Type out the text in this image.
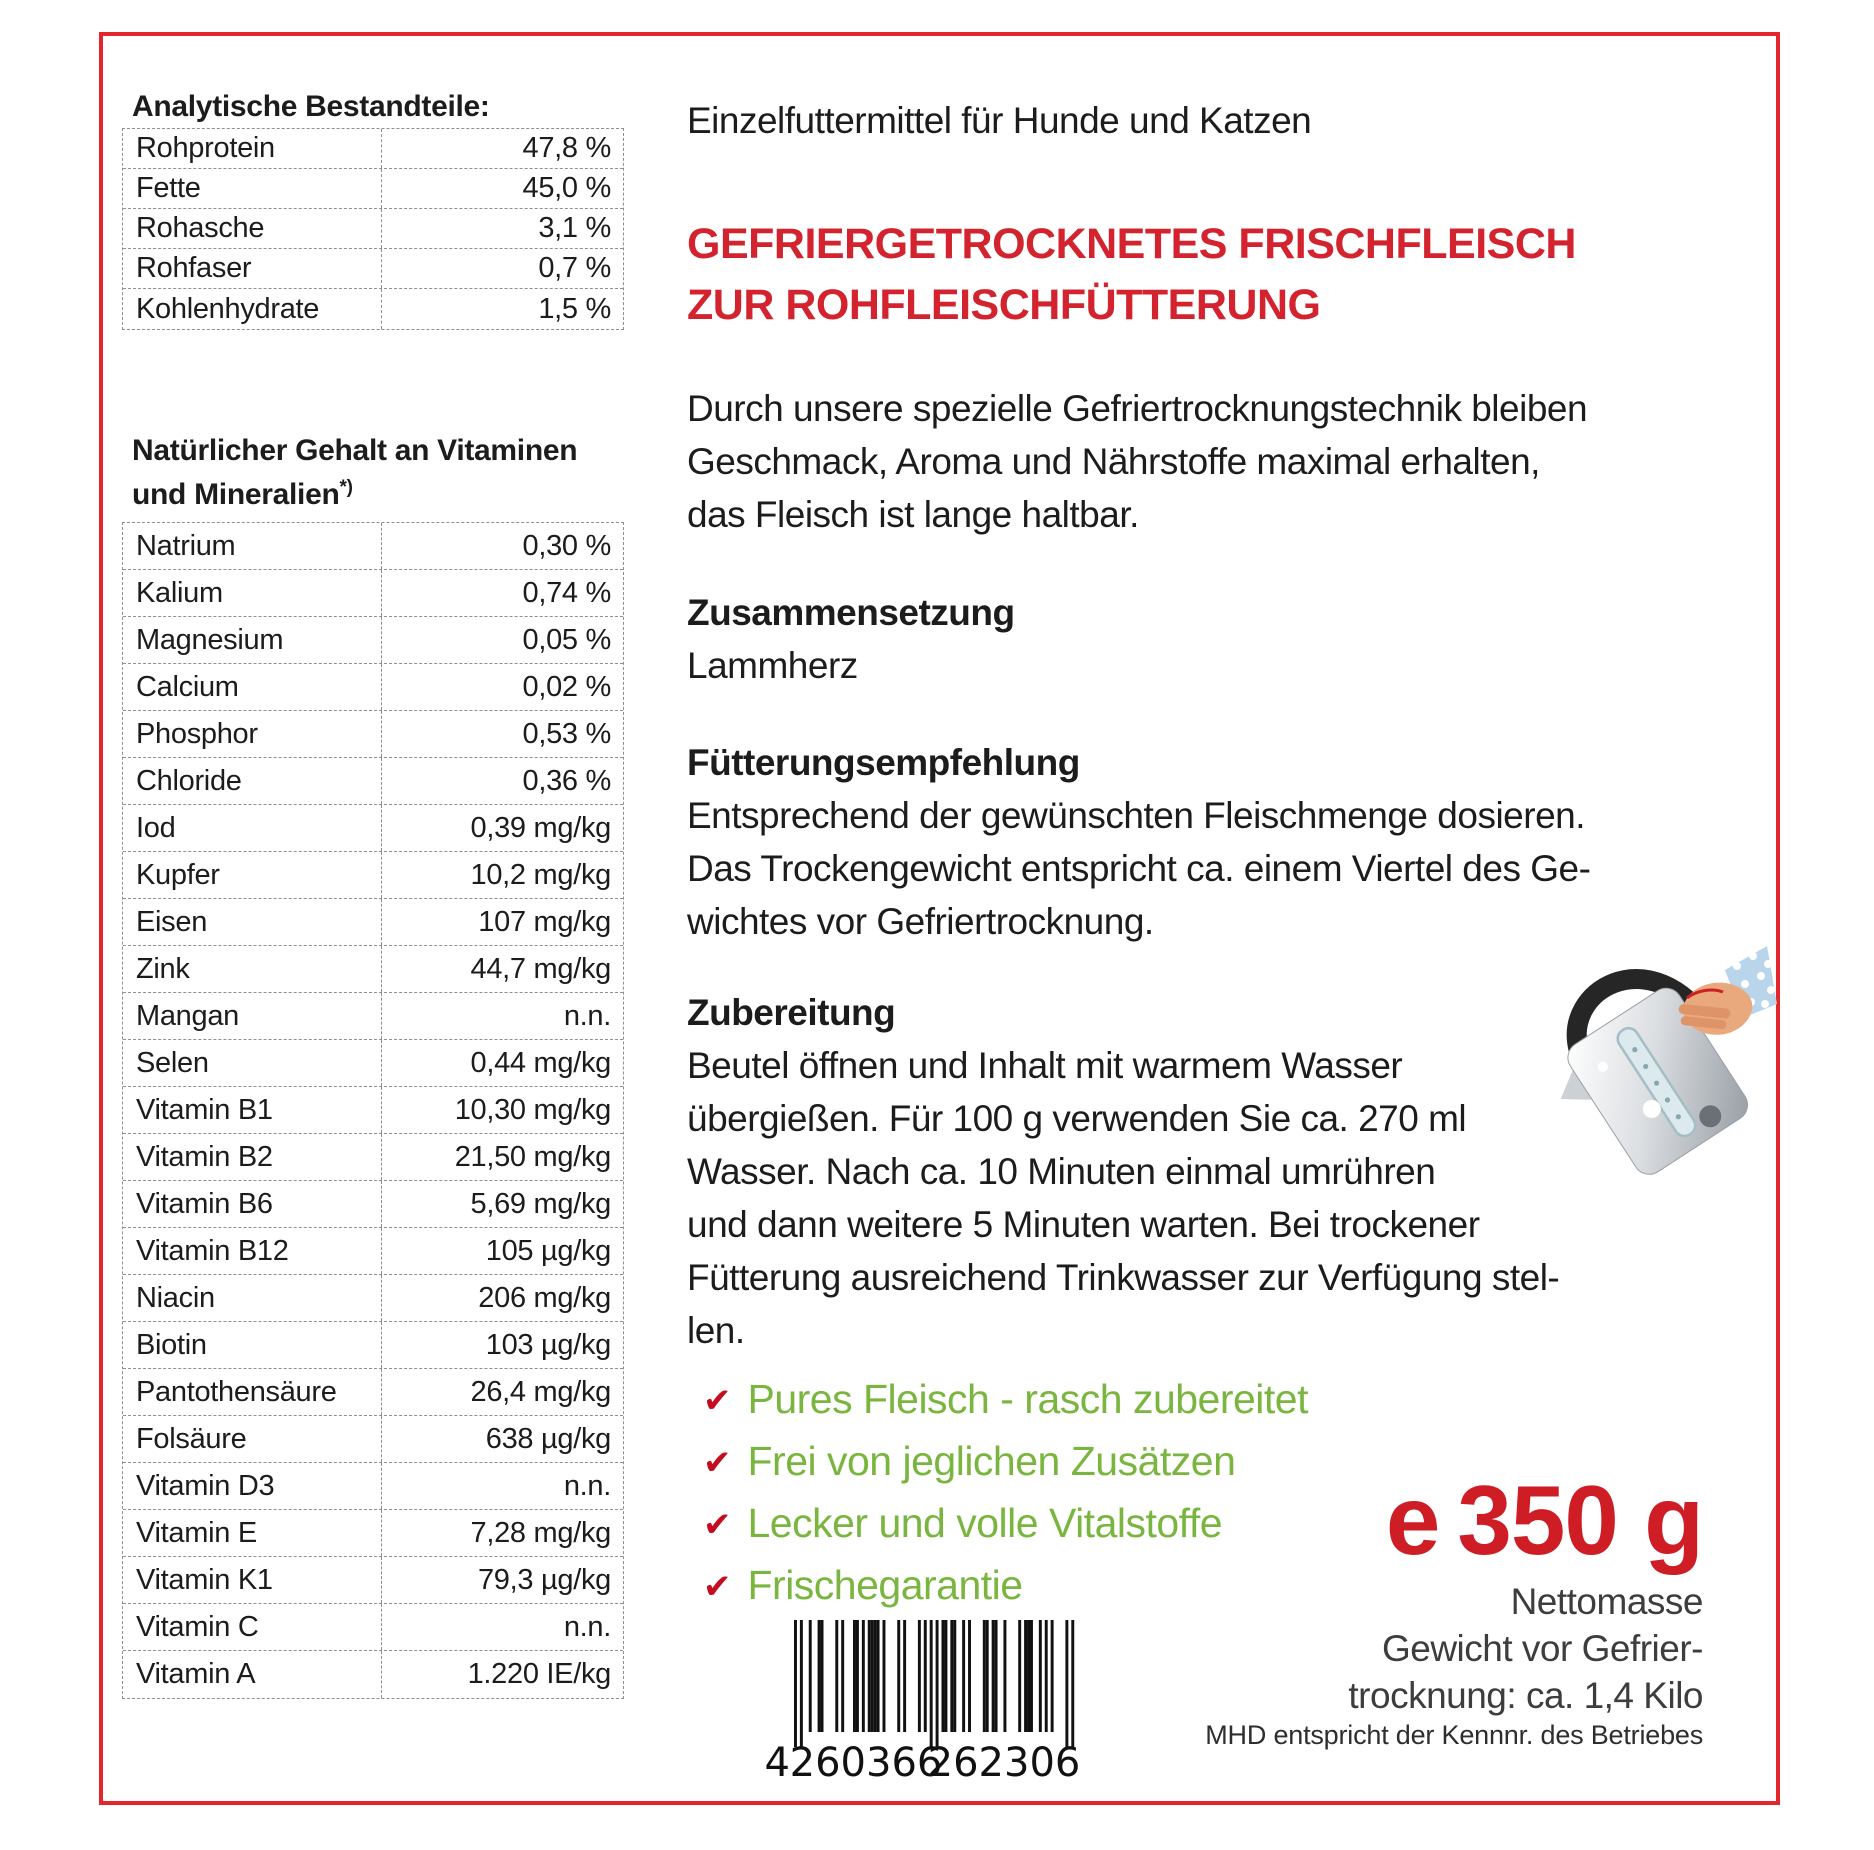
Analytische Bestandteile:
Rohprotein	47,8 %
Fette	45,0 %
Rohasche	3,1 %
Rohfaser	0,7 %
Kohlenhydrate	1,5 %
Natürlicher Gehalt an Vitaminen
und Mineralien*)
Natrium	0,30 %
Kalium	0,74 %
Magnesium	0,05 %
Calcium	0,02 %
Phosphor	0,53 %
Chloride	0,36 %
Iod	0,39 mg/kg
Kupfer	10,2 mg/kg
Eisen	107 mg/kg
Zink	44,7 mg/kg
Mangan	n.n.
Selen	0,44 mg/kg
Vitamin B1	10,30 mg/kg
Vitamin B2	21,50 mg/kg
Vitamin B6	5,69 mg/kg
Vitamin B12	105 µg/kg
Niacin	206 mg/kg
Biotin	103 µg/kg
Pantothensäure	26,4 mg/kg
Folsäure	638 µg/kg
Vitamin D3	n.n.
Vitamin E	7,28 mg/kg
Vitamin K1	79,3 µg/kg
Vitamin C	n.n.
Vitamin A	1.220 IE/kg
Einzelfuttermittel für Hunde und Katzen
GEFRIERGETROCKNETES FRISCHFLEISCH
ZUR ROHFLEISCHFÜTTERUNG
Durch unsere spezielle Gefriertrocknungstechnik bleiben
Geschmack, Aroma und Nährstoffe maximal erhalten,
das Fleisch ist lange haltbar.
Zusammensetzung
Lammherz
Fütterungsempfehlung
Entsprechend der gewünschten Fleischmenge dosieren.
Das Trockengewicht entspricht ca. einem Viertel des Ge-
wichtes vor Gefriertrocknung.
Zubereitung
Beutel öffnen und Inhalt mit warmem Wasser
übergießen. Für 100 g verwenden Sie ca. 270 ml
Wasser. Nach ca. 10 Minuten einmal umrühren
und dann weitere 5 Minuten warten. Bei trockener
Fütterung ausreichend Trinkwasser zur Verfügung stel-
len.
✔
Pures Fleisch - rasch zubereitet
✔
Frei von jeglichen Zusätzen
✔
Lecker und volle Vitalstoffe
✔
Frischegarantie
4 260366
262306
e 350 g
Nettomasse
Gewicht vor Gefrier-
trocknung: ca. 1,4 Kilo
MHD entspricht der Kennnr. des Betriebes
